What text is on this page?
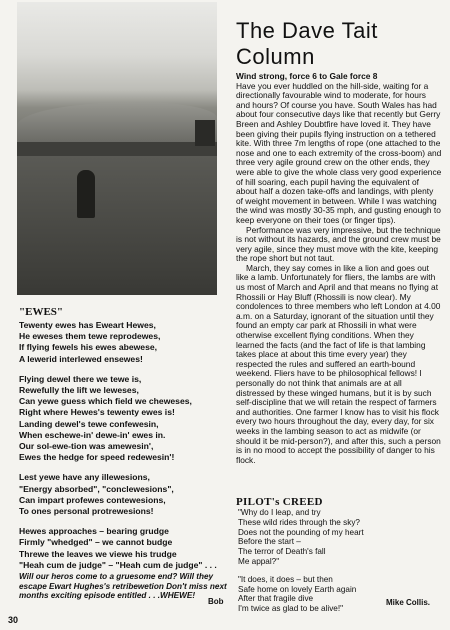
The Dave Tait Column

Wind strong, force 6 to Gale force 8

Have you ever huddled on the hill-side, waiting for a directionally favourable wind to moderate, for hours and hours? Of course you have. South Wales has had about four consecutive days like that recently but Gerry Breen and Ashley Doubtfire have loved it. They have been giving their pupils flying instruction on a tethered kite. With three 7m lengths of rope (one attached to the nose and one to each extremity of the cross-boom) and three very agile ground crew on the other ends, they were able to give the whole class very good experience of hill soaring, each pupil having the equivalent of about half a dozen take-offs and landings, with plenty of weight movement in between. While I was watching the wind was mostly 30-35 mph, and gusting enough to keep everyone on their toes (or finger tips).

Performance was very impressive, but the technique is not without its hazards, and the ground crew must be very agile, since they must move with the kite, keeping the rope short but not taut.

March, they say comes in like a lion and goes out like a lamb. Unfortunately for fliers, the lambs are with us most of March and April and that means no flying at Rhossili or Hay Bluff (Rhossili is now clear). My condolences to three members who left London at 4.00 a.m. on a Saturday, ignorant of the situation until they found an empty car park at Rhossili in what were otherwise excellent flying conditions. When they learned the facts (and the fact of life is that lambing takes place at about this time every year) they respected the rules and suffered an earth-bound weekend. Fliers have to be philosophical fellows! I personally do not think that animals are at all distressed by these winged humans, but it is by such self-discipline that we will retain the respect of farmers and authorities. One farmer I know has to visit his flock every two hours throughout the day, every day, for six weeks in the lambing season to act as midwife (or should it be mid-person?), and after this, such a person is in no mood to accept the possibility of danger to his flock.

"EWES"
Tewenty ewes has Eweart Hewes,
He eweses them tewe reprodewes,
If flying fewels his ewes abewese,
A lewerid interlewed ensewes!
Flying dewel there we tewe is,
Rewefully the lift we leweses,
Can yewe guess which field we cheweses,
Right where Hewes's tewenty ewes is!
Landing dewel's tewe confewesin,
When eschewe-in' dewe-in' ewes in.
Our sol-ewe-tion was amewesin',
Ewes the hedge for speed redewesin'!
Lest yewe have any illewesions,
"Energy absorbed", "conclewesions",
Can impart profewes contewesions,
To ones personal protrewesions!
Hewes approaches – bearing grudge
Firmly "whedged" – we cannot budge
Threwe the leaves we viewe his trudge
"Heah cum de judge" – "Heah cum de judge" . . .

Will our heros come to a gruesome end? Will they escape Ewart Hughes's retribewetion Don't miss next months exciting episode entitled . . .WHEWE!

Bob
PILOT's CREED
"Why do I leap, and try
These wild rides through the sky?
Does not the pounding of my heart
Before the start –
The terror of Death's fall
Me appal?"
"It does, it does – but then
Safe home on lovely Earth again
After that fragile dive
I'm twice as glad to be alive!"
Mike Collis.
30
